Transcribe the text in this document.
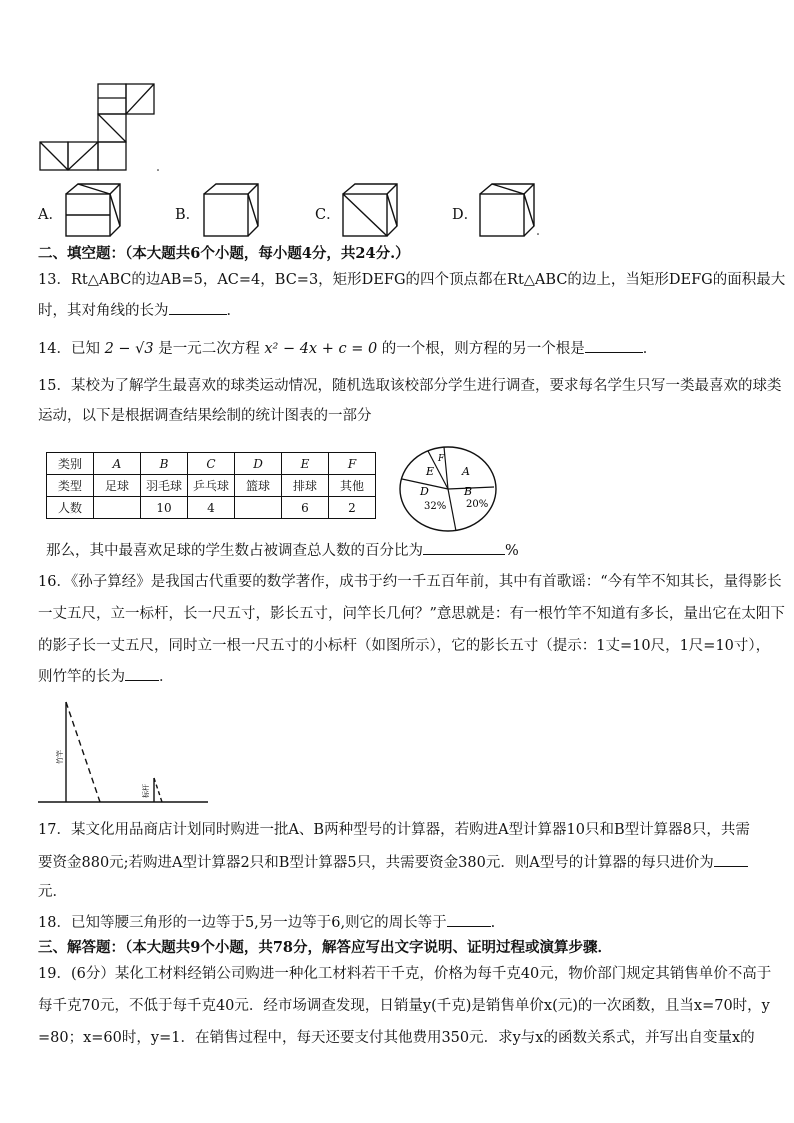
A．	B．	C．	D．
二、填空题：（本大题共6个小题，每小题4分，共24分.）
13．Rt△ABC的边AB=5，AC=4，BC=3，矩形DEFG的四个顶点都在Rt△ABC的边上，当矩形DEFG的面积最大
时，其对角线的长为	．
14．已知 2 − √3 是一元二次方程 x² − 4x + c = 0 的一个根，则方程的另一个根是	．
15．某校为了解学生最喜欢的球类运动情况，随机选取该校部分学生进行调查，要求每名学生只写一类最喜欢的球类
运动，以下是根据调查结果绘制的统计图表的一部分
类别	A	B	C	D	E	F
类型	足球	羽毛球	乒乓球	篮球	排球	其他
人数		10	4		6	2
A
B
D
E
F
20%
32%
那么，其中最喜欢足球的学生数占被调查总人数的百分比为	%
16．《孙子算经》是我国古代重要的数学著作，成书于约一千五百年前，其中有首歌谣：“今有竿不知其长，量得影长
一丈五尺，立一标杆，长一尺五寸，影长五寸，问竿长几何？”意思就是：有一根竹竿不知道有多长，量出它在太阳下
的影子长一丈五尺，同时立一根一尺五寸的小标杆（如图所示），它的影长五寸（提示：1丈=10尺，1尺=10寸），
则竹竿的长为 ．
竹竿
标杆
17．某文化用品商店计划同时购进一批A、B两种型号的计算器，若购进A型计算器10只和B型计算器8只，共需
要资金880元;若购进A型计算器2只和B型计算器5只，共需要资金380元．则A型号的计算器的每只进价为
元．
18．已知等腰三角形的一边等于5,另一边等于6,则它的周长等于	.
三、解答题：（本大题共9个小题，共78分，解答应写出文字说明、证明过程或演算步骤．
19．(6分）某化工材料经销公司购进一种化工材料若干千克，价格为每千克40元，物价部门规定其销售单价不高于
每千克70元，不低于每千克40元．经市场调查发现，日销量y(千克)是销售单价x(元)的一次函数，且当x=70时，y
=80；x=60时，y=1．在销售过程中，每天还要支付其他费用350元．求y与x的函数关系式，并写出自变量x的
